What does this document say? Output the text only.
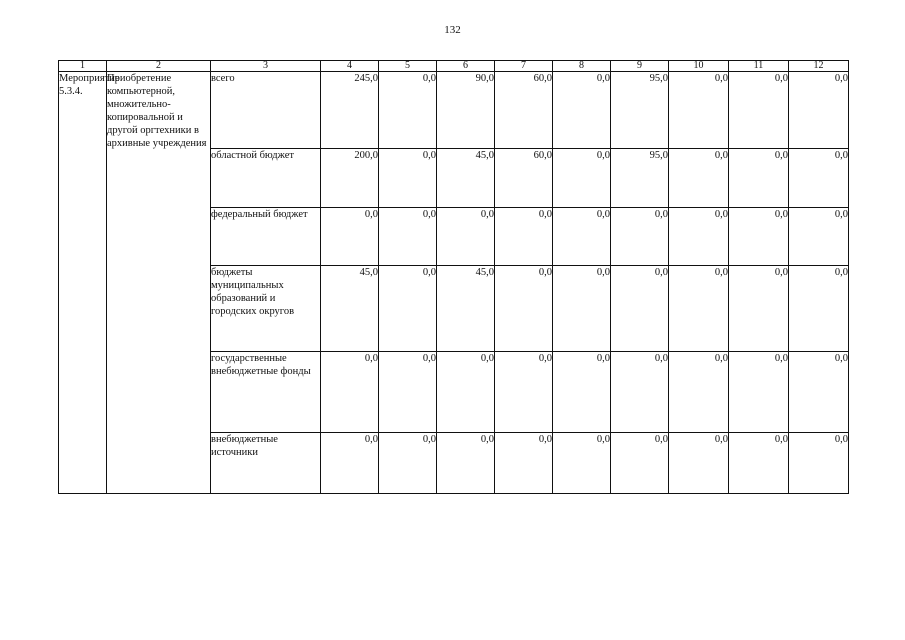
132
1	2	3	4	5	6	7	8	9	10	11	12
Мероприятие 5.3.4.	Приобретение компьютерной, множительно-копировальной и другой оргтехники в архивные учреждения	всего	245,0	0,0	90,0	60,0	0,0	95,0	0,0	0,0	0,0
		областной бюджет	200,0	0,0	45,0	60,0	0,0	95,0	0,0	0,0	0,0
		федеральный бюджет	0,0	0,0	0,0	0,0	0,0	0,0	0,0	0,0	0,0
		бюджеты муниципальных образований и городских округов	45,0	0,0	45,0	0,0	0,0	0,0	0,0	0,0	0,0
		государственные внебюджетные фонды	0,0	0,0	0,0	0,0	0,0	0,0	0,0	0,0	0,0
		внебюджетные источники	0,0	0,0	0,0	0,0	0,0	0,0	0,0	0,0	0,0
